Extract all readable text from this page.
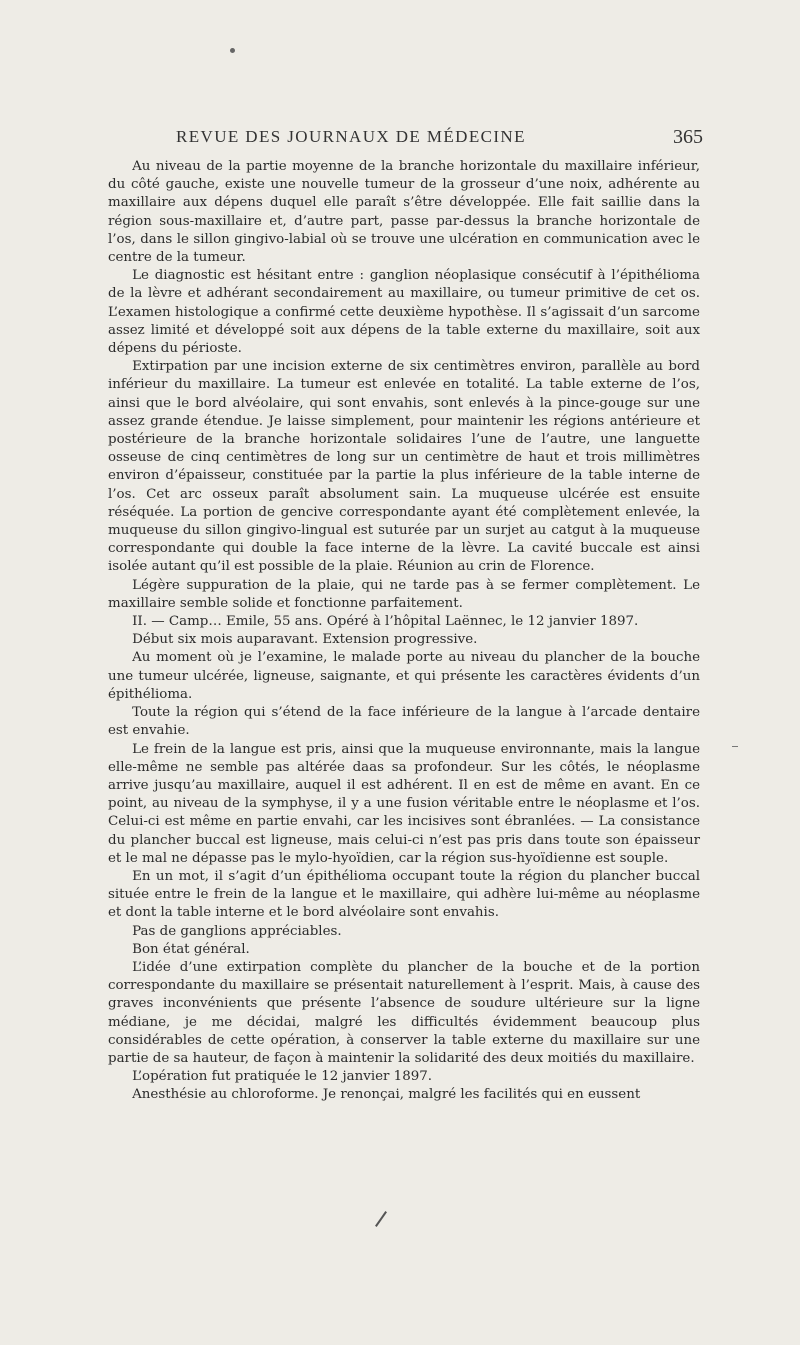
REVUE DES JOURNAUX DE MÉDECINE	365

Au niveau de la partie moyenne de la branche horizontale du maxillaire inférieur, du côté gauche, existe une nouvelle tumeur de la grosseur d’une noix, adhérente au maxillaire aux dépens duquel elle paraît s’être développée. Elle fait saillie dans la région sous-maxillaire et, d’autre part, passe par-dessus la branche horizontale de l’os, dans le sillon gingivo-labial où se trouve une ulcération en communication avec le centre de la tumeur.

Le diagnostic est hésitant entre : ganglion néoplasique consécutif à l’épithélioma de la lèvre et adhérant secondairement au maxillaire, ou tumeur primitive de cet os. L’examen histologique a confirmé cette deuxième hypothèse. Il s’agissait d’un sarcome assez limité et développé soit aux dépens de la table externe du maxillaire, soit aux dépens du périoste.

Extirpation par une incision externe de six centimètres environ, parallèle au bord inférieur du maxillaire. La tumeur est enlevée en totalité. La table externe de l’os, ainsi que le bord alvéolaire, qui sont envahis, sont enlevés à la pince-gouge sur une assez grande étendue. Je laisse simplement, pour maintenir les régions antérieure et postérieure de la branche horizontale solidaires l’une de l’autre, une languette osseuse de cinq centimètres de long sur un centimètre de haut et trois millimètres environ d’épaisseur, constituée par la partie la plus inférieure de la table interne de l’os. Cet arc osseux paraît absolument sain. La muqueuse ulcérée est ensuite réséquée. La portion de gencive correspondante ayant été complètement enlevée, la muqueuse du sillon gingivo-lingual est suturée par un surjet au catgut à la muqueuse correspondante qui double la face interne de la lèvre. La cavité buccale est ainsi isolée autant qu’il est possible de la plaie. Réunion au crin de Florence.

Légère suppuration de la plaie, qui ne tarde pas à se fermer complètement. Le maxillaire semble solide et fonctionne parfaitement.

II. — Camp… Emile, 55 ans. Opéré à l’hôpital Laënnec, le 12 janvier 1897.

Début six mois auparavant. Extension progressive.

Au moment où je l’examine, le malade porte au niveau du plancher de la bouche une tumeur ulcérée, ligneuse, saignante, et qui présente les caractères évidents d’un épithélioma.

Toute la région qui s’étend de la face inférieure de la langue à l’arcade dentaire est envahie.

Le frein de la langue est pris, ainsi que la muqueuse environnante, mais la langue elle-même ne semble pas altérée daas sa profondeur. Sur les côtés, le néoplasme arrive jusqu’au maxillaire, auquel il est adhérent. Il en est de même en avant. En ce point, au niveau de la symphyse, il y a une fusion véritable entre le néoplasme et l’os. Celui-ci est même en partie envahi, car les incisives sont ébranlées. — La consistance du plancher buccal est ligneuse, mais celui-ci n’est pas pris dans toute son épaisseur et le mal ne dépasse pas le mylo-hyoïdien, car la région sus-hyoïdienne est souple.

En un mot, il s’agit d’un épithélioma occupant toute la région du plancher buccal située entre le frein de la langue et le maxillaire, qui adhère lui-même au néoplasme et dont la table interne et le bord alvéolaire sont envahis.

Pas de ganglions appréciables.

Bon état général.

L’idée d’une extirpation complète du plancher de la bouche et de la portion correspondante du maxillaire se présentait naturellement à l’esprit. Mais, à cause des graves inconvénients que présente l’absence de soudure ultérieure sur la ligne médiane, je me décidai, malgré les difficultés évidemment beaucoup plus considérables de cette opération, à conserver la table externe du maxillaire sur une partie de sa hauteur, de façon à maintenir la solidarité des deux moitiés du maxillaire.

L’opération fut pratiquée le 12 janvier 1897.

Anesthésie au chloroforme. Je renonçai, malgré les facilités qui en eussent
